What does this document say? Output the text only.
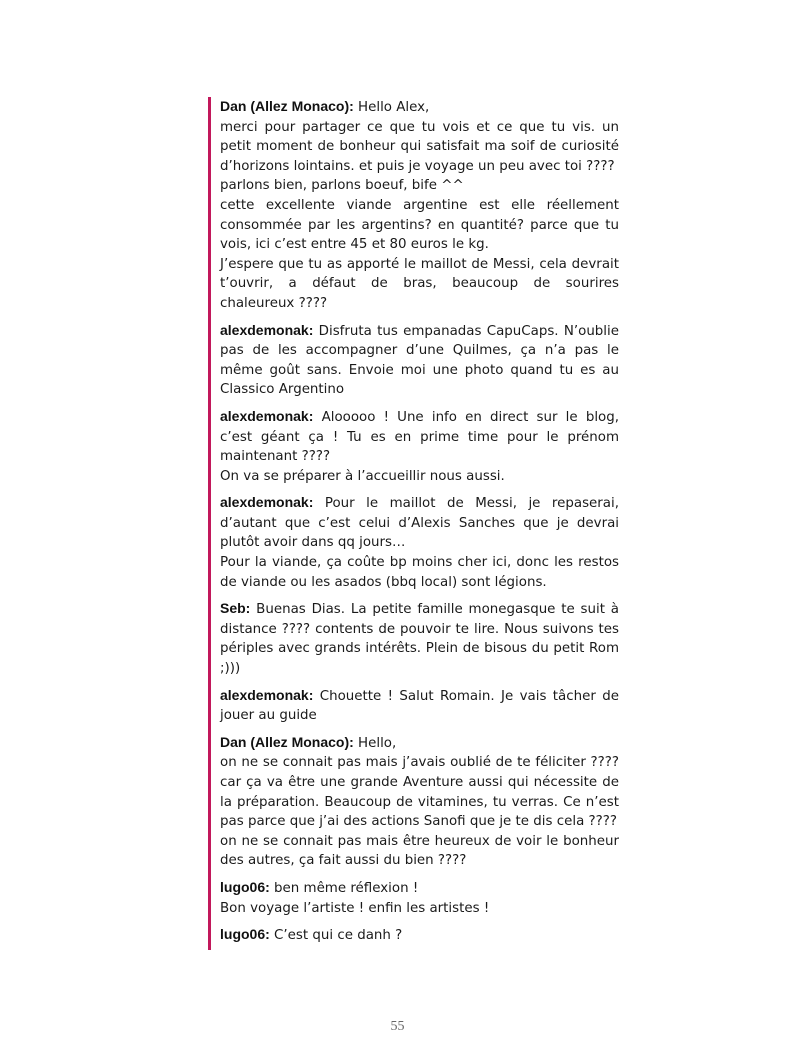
Dan (Allez Monaco): Hello Alex,
merci pour partager ce que tu vois et ce que tu vis. un petit moment de bonheur qui satisfait ma soif de curiosité d’horizons lointains. et puis je voyage un peu avec toi ????
parlons bien, parlons boeuf, bife ^^
cette excellente viande argentine est elle réellement consommée par les argentins? en quantité? parce que tu vois, ici c’est entre 45 et 80 euros le kg.
J’espere que tu as apporté le maillot de Messi, cela devrait t’ouvrir, a défaut de bras, beaucoup de sourires chaleureux ????
alexdemonak: Disfruta tus empanadas CapuCaps. N’oublie pas de les accompagner d’une Quilmes, ça n’a pas le même goût sans. Envoie moi une photo quand tu es au Classico Argentino
alexdemonak: Alooooo ! Une info en direct sur le blog, c’est géant ça ! Tu es en prime time pour le prénom maintenant ????
On va se préparer à l’accueillir nous aussi.
alexdemonak: Pour le maillot de Messi, je repaserai, d’autant que c’est celui d’Alexis Sanches que je devrai plutôt avoir dans qq jours…
Pour la viande, ça coûte bp moins cher ici, donc les restos de viande ou les asados (bbq local) sont légions.
Seb: Buenas Dias. La petite famille monegasque te suit à distance ???? contents de pouvoir te lire. Nous suivons tes périples avec grands intérêts. Plein de bisous du petit Rom ;)))
alexdemonak: Chouette ! Salut Romain. Je vais tâcher de jouer au guide
Dan (Allez Monaco): Hello,
on ne se connait pas mais j’avais oublié de te féliciter ???? car ça va être une grande Aventure aussi qui nécessite de la préparation. Beaucoup de vitamines, tu verras. Ce n’est pas parce que j’ai des actions Sanofi que je te dis cela ????
on ne se connait pas mais être heureux de voir le bonheur des autres, ça fait aussi du bien ????
lugo06: ben même réflexion !
Bon voyage l’artiste ! enfin les artistes !
lugo06: C’est qui ce danh ?
55
